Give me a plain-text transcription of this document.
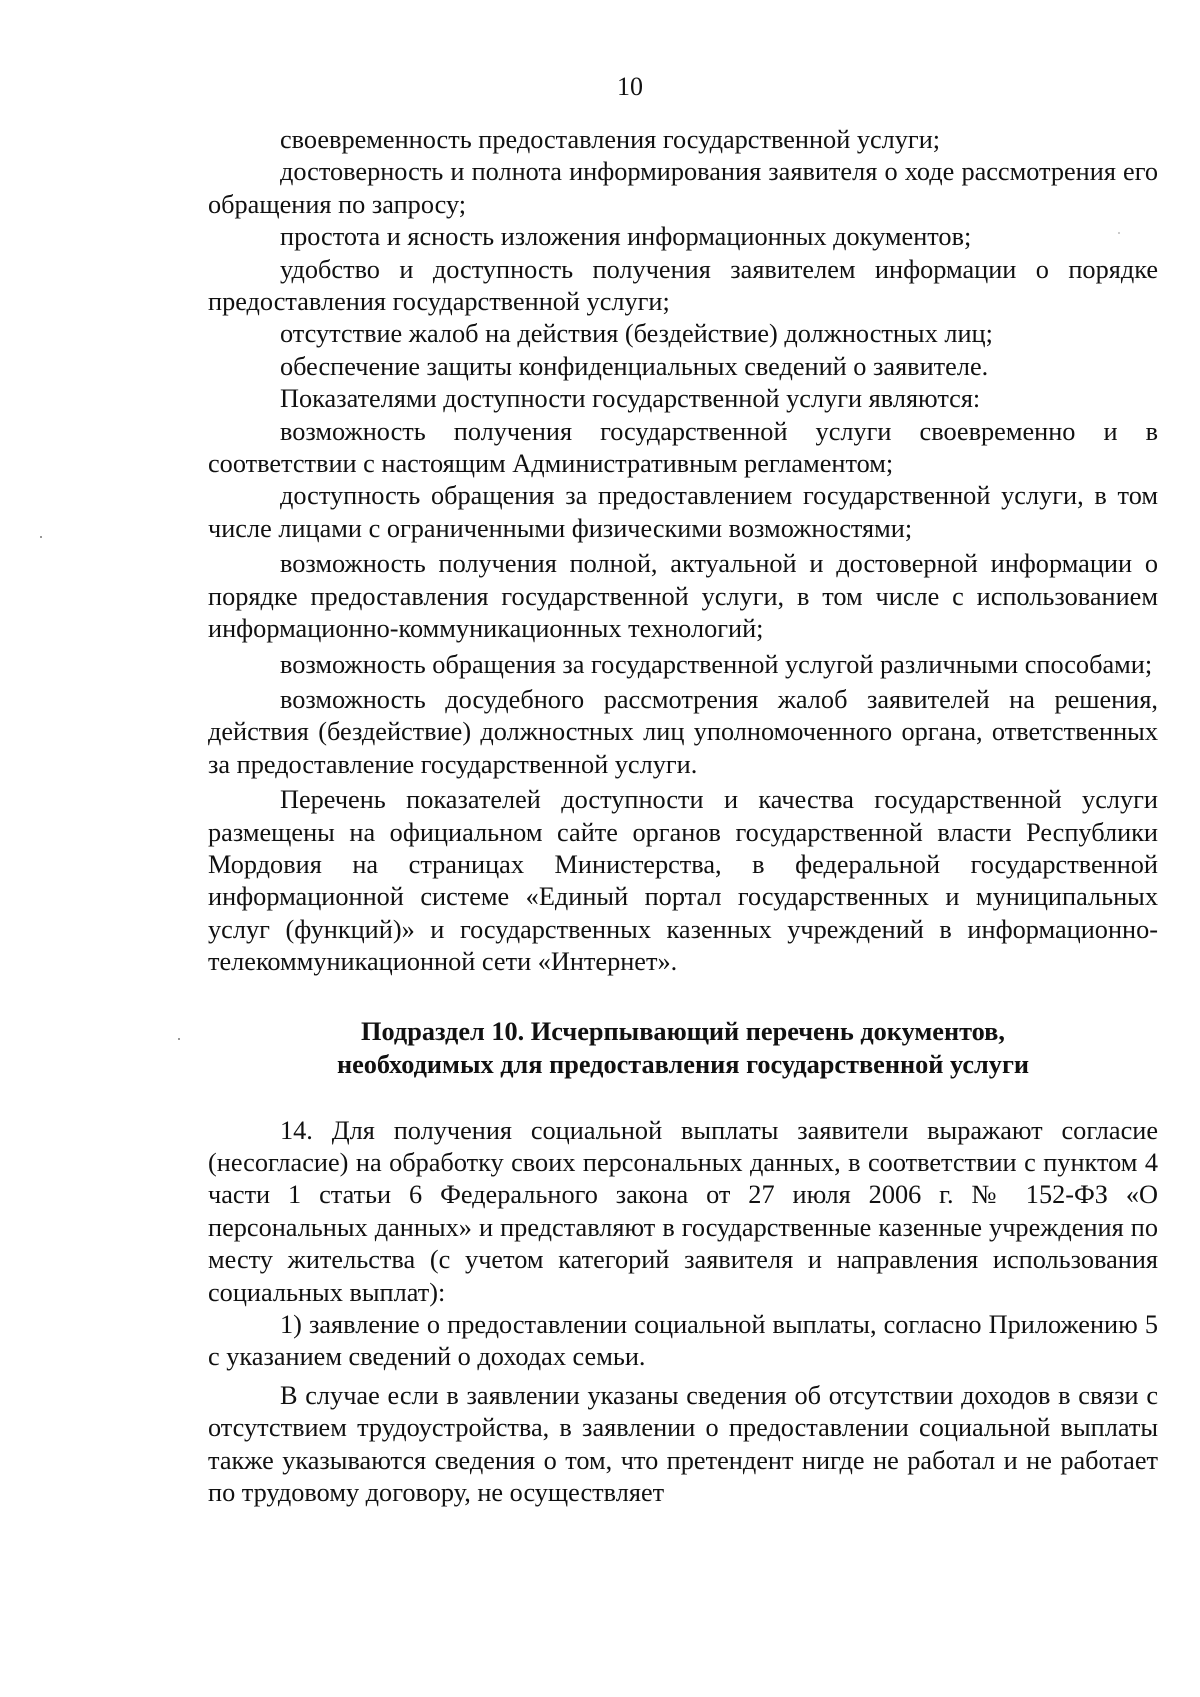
10

своевременность предоставления государственной услуги;

достоверность и полнота информирования заявителя о ходе рассмотрения его обращения по запросу;

простота и ясность изложения информационных документов;

удобство и доступность получения заявителем информации о порядке предоставления государственной услуги;

отсутствие жалоб на действия (бездействие) должностных лиц;

обеспечение защиты конфиденциальных сведений о заявителе.

Показателями доступности государственной услуги являются:

возможность получения государственной услуги своевременно и в соответствии с настоящим Административным регламентом;

доступность обращения за предоставлением государственной услуги, в том числе лицами с ограниченными физическими возможностями;

возможность получения полной, актуальной и достоверной информации о порядке предоставления государственной услуги, в том числе с использованием информационно-коммуникационных технологий;

возможность обращения за государственной услугой различными способами;

возможность досудебного рассмотрения жалоб заявителей на решения, действия (бездействие) должностных лиц уполномоченного органа, ответственных за предоставление государственной услуги.

Перечень показателей доступности и качества государственной услуги размещены на официальном сайте органов государственной власти Республики Мордовия на страницах Министерства, в федеральной государственной информационной системе «Единый портал государственных и муниципальных услуг (функций)» и государственных казенных учреждений в информационно-телекоммуникационной сети «Интернет».

Подраздел 10. Исчерпывающий перечень документов,
необходимых для предоставления государственной услуги

14. Для получения социальной выплаты заявители выражают согласие (несогласие) на обработку своих персональных данных, в соответствии с пунктом 4 части 1 статьи 6 Федерального закона от 27 июля 2006 г. № 152-ФЗ «О персональных данных» и представляют в государственные казенные учреждения по месту жительства (с учетом категорий заявителя и направления использования социальных выплат):

1) заявление о предоставлении социальной выплаты, согласно Приложению 5 с указанием сведений о доходах семьи.

В случае если в заявлении указаны сведения об отсутствии доходов в связи с отсутствием трудоустройства, в заявлении о предоставлении социальной выплаты также указываются сведения о том, что претендент нигде не работал и не работает по трудовому договору, не осуществляет
